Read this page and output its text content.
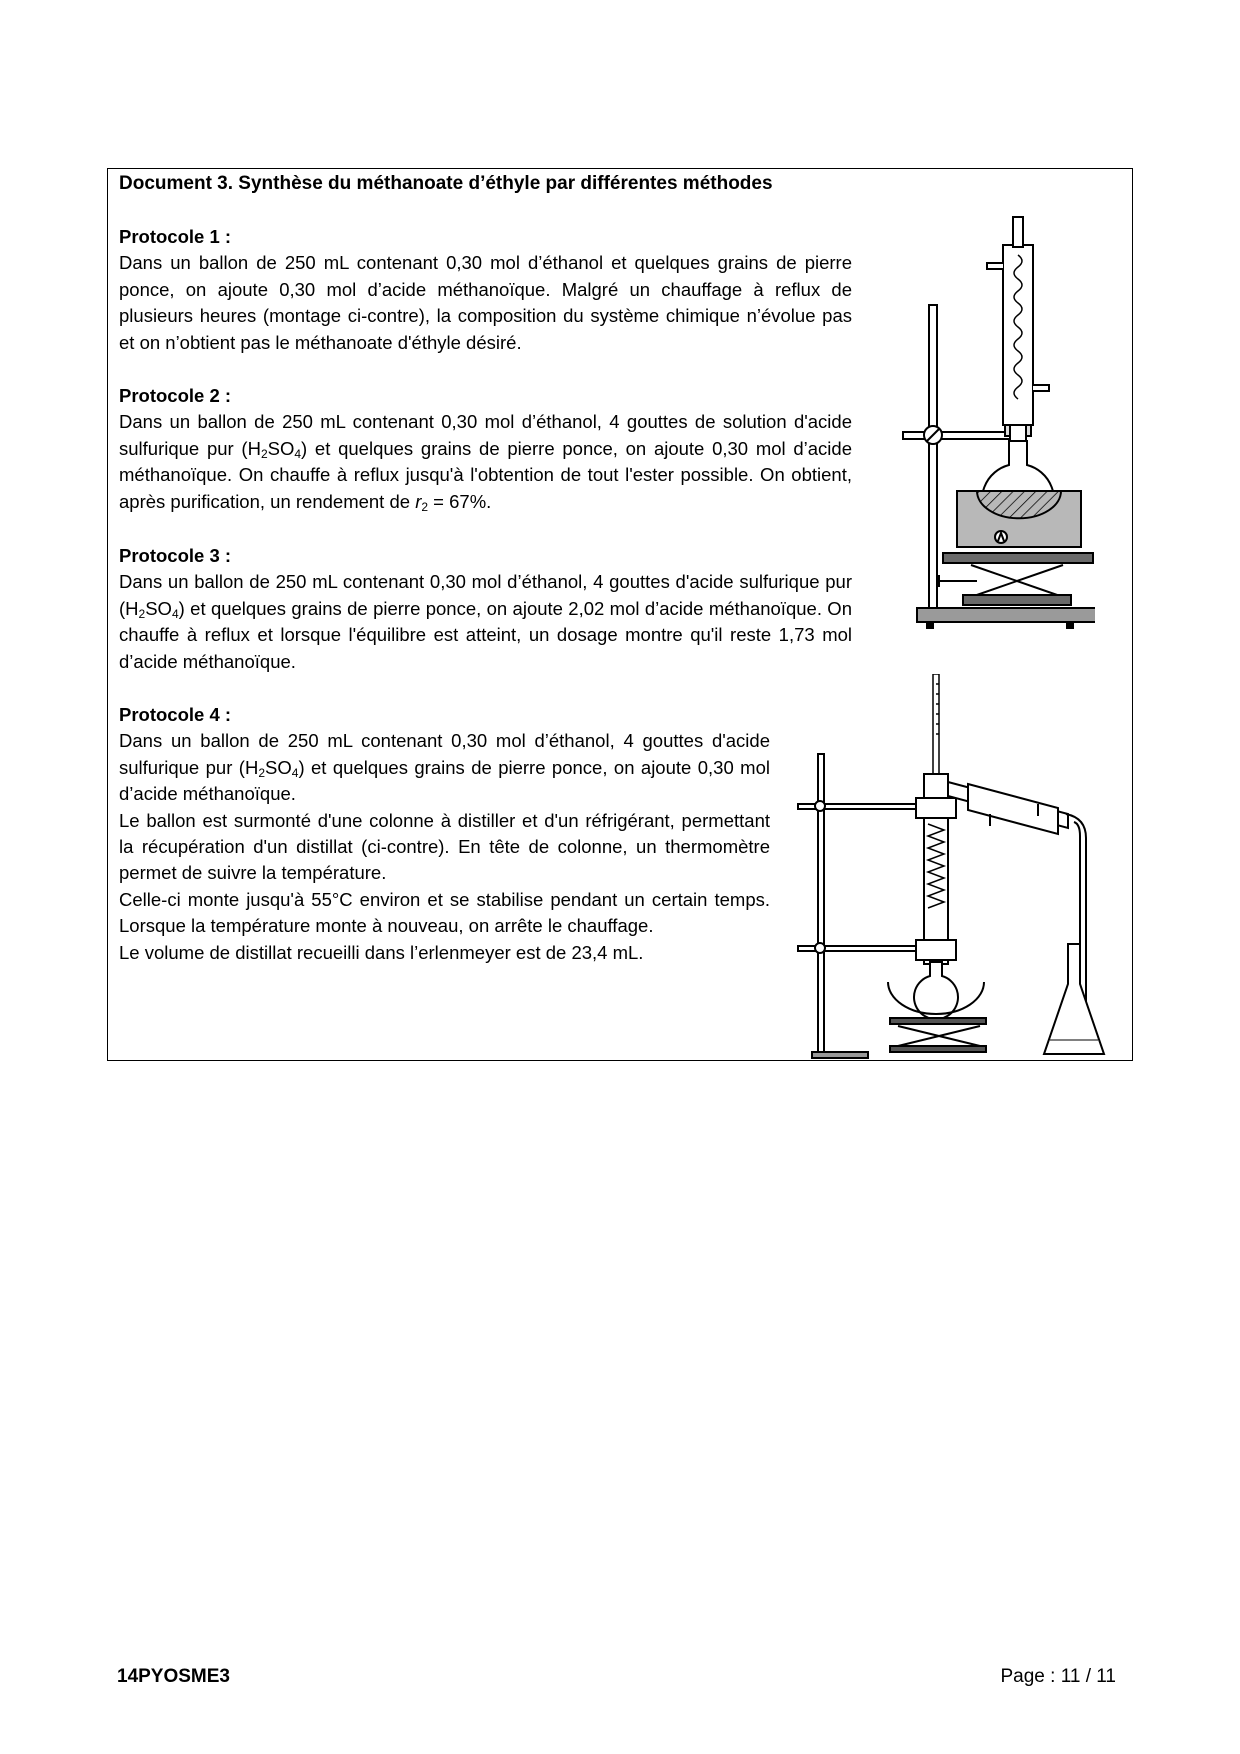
Document 3. Synthèse du méthanoate d’éthyle par différentes méthodes
Protocole 1 :

Dans un ballon de 250 mL contenant 0,30 mol d’éthanol et quelques grains de pierre ponce, on ajoute 0,30 mol d’acide méthanoïque. Malgré un chauffage à reflux de plusieurs heures (montage ci-contre), la composition du système chimique n’évolue pas et on n’obtient pas le méthanoate d'éthyle désiré.

Protocole 2 :

Dans un ballon de 250 mL contenant 0,30 mol d’éthanol, 4 gouttes de solution d'acide sulfurique pur $(H_2SO_4)$ et quelques grains de pierre ponce, on ajoute 0,30 mol d’acide méthanoïque. On chauffe à reflux jusqu'à l'obtention de tout l'ester possible. On obtient, après purification, un rendement de $r_2 = 67\%$.

Protocole 3 :

Dans un ballon de 250 mL contenant 0,30 mol d’éthanol, 4 gouttes d'acide sulfurique pur $(H_2SO_4)$ et quelques grains de pierre ponce, on ajoute 2,02 mol d’acide méthanoïque. On chauffe à reflux et lorsque l'équilibre est atteint, un dosage montre qu'il reste 1,73 mol d’acide méthanoïque.

Protocole 4 :

Dans un ballon de 250 mL contenant 0,30 mol d’éthanol, 4 gouttes d'acide sulfurique pur $(H_2SO_4)$ et quelques grains de pierre ponce, on ajoute 0,30 mol d’acide méthanoïque.

Le ballon est surmonté d'une colonne à distiller et d'un réfrigérant, permettant la récupération d'un distillat (ci-contre). En tête de colonne, un thermomètre permet de suivre la température.

Celle-ci monte jusqu'à 55°C environ et se stabilise pendant un certain temps. Lorsque la température monte à nouveau, on arrête le chauffage.

Le volume de distillat recueilli dans l’erlenmeyer est de 23,4 mL.

14PYOSME3	Page : 11 / 11
